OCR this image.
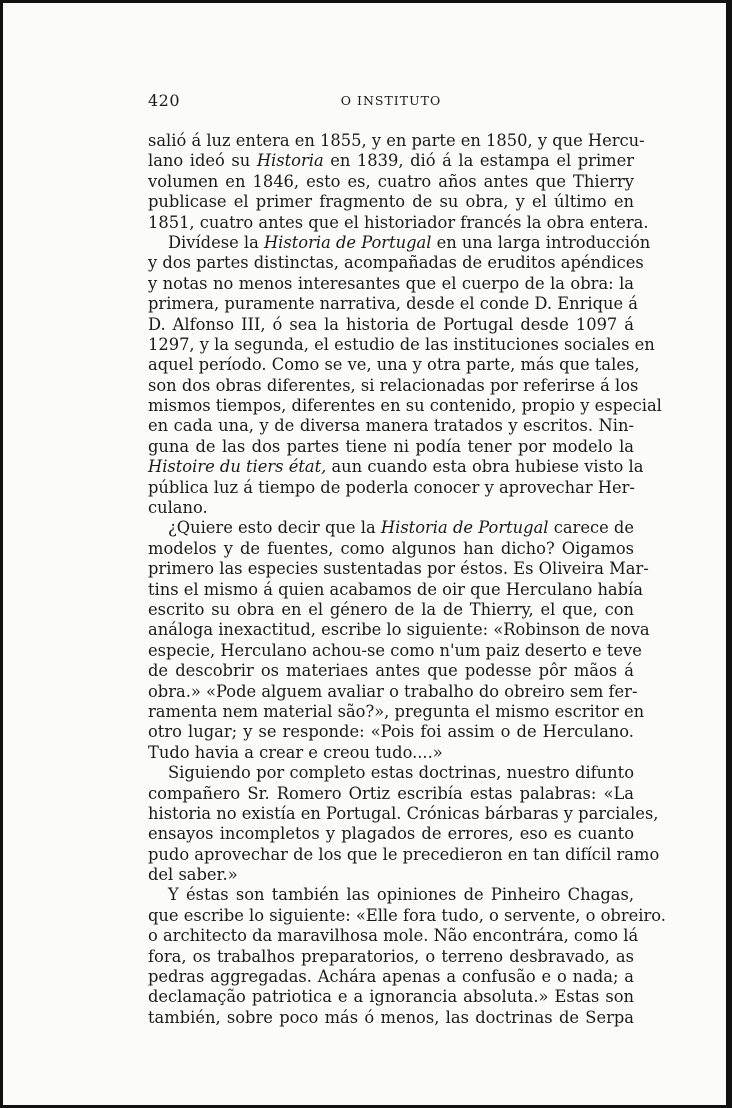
420	O INSTITUTO
salió á luz entera en 1855, y en parte en 1850, y que Hercu-
lano ideó su Historia en 1839, dió á la estampa el primer
volumen en 1846, esto es, cuatro años antes que Thierry
publicase el primer fragmento de su obra, y el último en
1851, cuatro antes que el historiador francés la obra entera.
Divídese la Historia de Portugal en una larga introducción
y dos partes distinctas, acompañadas de eruditos apéndices
y notas no menos interesantes que el cuerpo de la obra: la
primera, puramente narrativa, desde el conde D. Enrique á
D. Alfonso III, ó sea la historia de Portugal desde 1097 á
1297, y la segunda, el estudio de las instituciones sociales en
aquel período. Como se ve, una y otra parte, más que tales,
son dos obras diferentes, si relacionadas por referirse á los
mismos tiempos, diferentes en su contenido, propio y especial
en cada una, y de diversa manera tratados y escritos. Nin-
guna de las dos partes tiene ni podía tener por modelo la
Histoire du tiers état, aun cuando esta obra hubiese visto la
pública luz á tiempo de poderla conocer y aprovechar Her-
culano.
¿Quiere esto decir que la Historia de Portugal carece de
modelos y de fuentes, como algunos han dicho? Oigamos
primero las especies sustentadas por éstos. Es Oliveira Mar-
tins el mismo á quien acabamos de oir que Herculano había
escrito su obra en el género de la de Thierry, el que, con
análoga inexactitud, escribe lo siguiente: «Robinson de nova
especie, Herculano achou-se como n'um paiz deserto e teve
de descobrir os materiaes antes que podesse pôr mãos á
obra.» «Pode alguem avaliar o trabalho do obreiro sem fer-
ramenta nem material são?», pregunta el mismo escritor en
otro lugar; y se responde: «Pois foi assim o de Herculano.
Tudo havia a crear e creou tudo....»
Siguiendo por completo estas doctrinas, nuestro difunto
compañero Sr. Romero Ortiz escribía estas palabras: «La
historia no existía en Portugal. Crónicas bárbaras y parciales,
ensayos incompletos y plagados de errores, eso es cuanto
pudo aprovechar de los que le precedieron en tan difícil ramo
del saber.»
Y éstas son también las opiniones de Pinheiro Chagas,
que escribe lo siguiente: «Elle fora tudo, o servente, o obreiro.
o architecto da maravilhosa mole. Não encontrára, como lá
fora, os trabalhos preparatorios, o terreno desbravado, as
pedras aggregadas. Achára apenas a confusão e o nada; a
declamação patriotica e a ignorancia absoluta.» Estas son
también, sobre poco más ó menos, las doctrinas de Serpa
